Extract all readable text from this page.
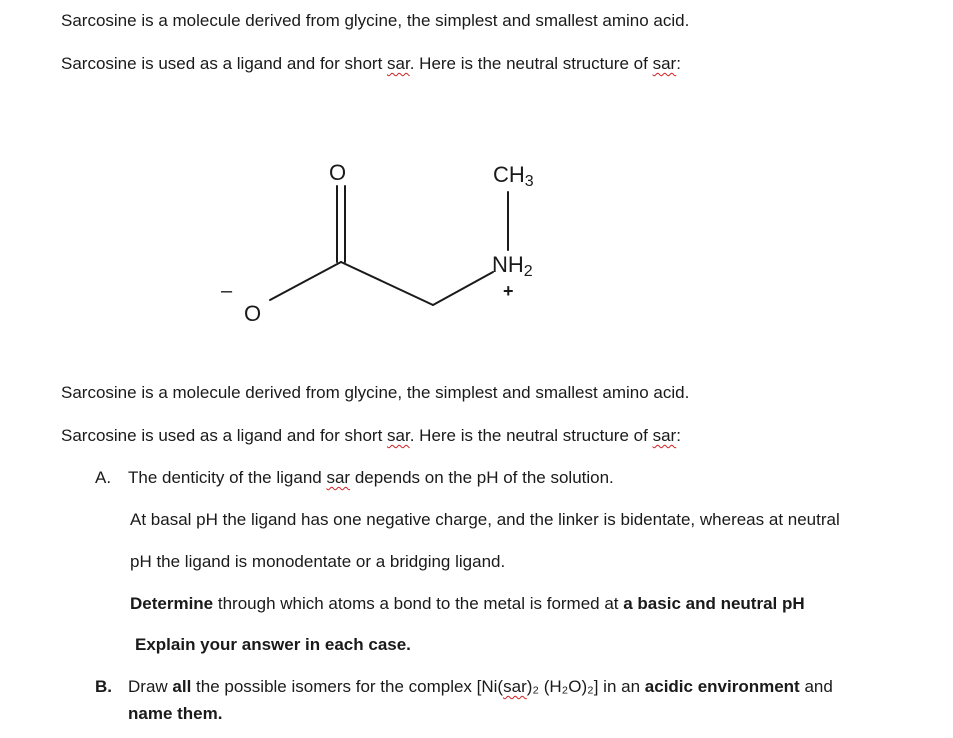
Sarcosine is a molecule derived from glycine, the simplest and smallest amino acid.
Sarcosine is used as a ligand and for short sar. Here is the neutral structure of sar:
O	CH3
NH2
+
–
O
Sarcosine is a molecule derived from glycine, the simplest and smallest amino acid.
Sarcosine is used as a ligand and for short sar. Here is the neutral structure of sar:
A. The denticity of the ligand sar depends on the pH of the solution.
At basal pH the ligand has one negative charge, and the linker is bidentate, whereas at neutral
pH the ligand is monodentate or a bridging ligand.
Determine through which atoms a bond to the metal is formed at a basic and neutral pH
Explain your answer in each case.
B. Draw all the possible isomers for the complex [Ni(sar)₂ (H₂O)₂] in an acidic environment and
name them.
